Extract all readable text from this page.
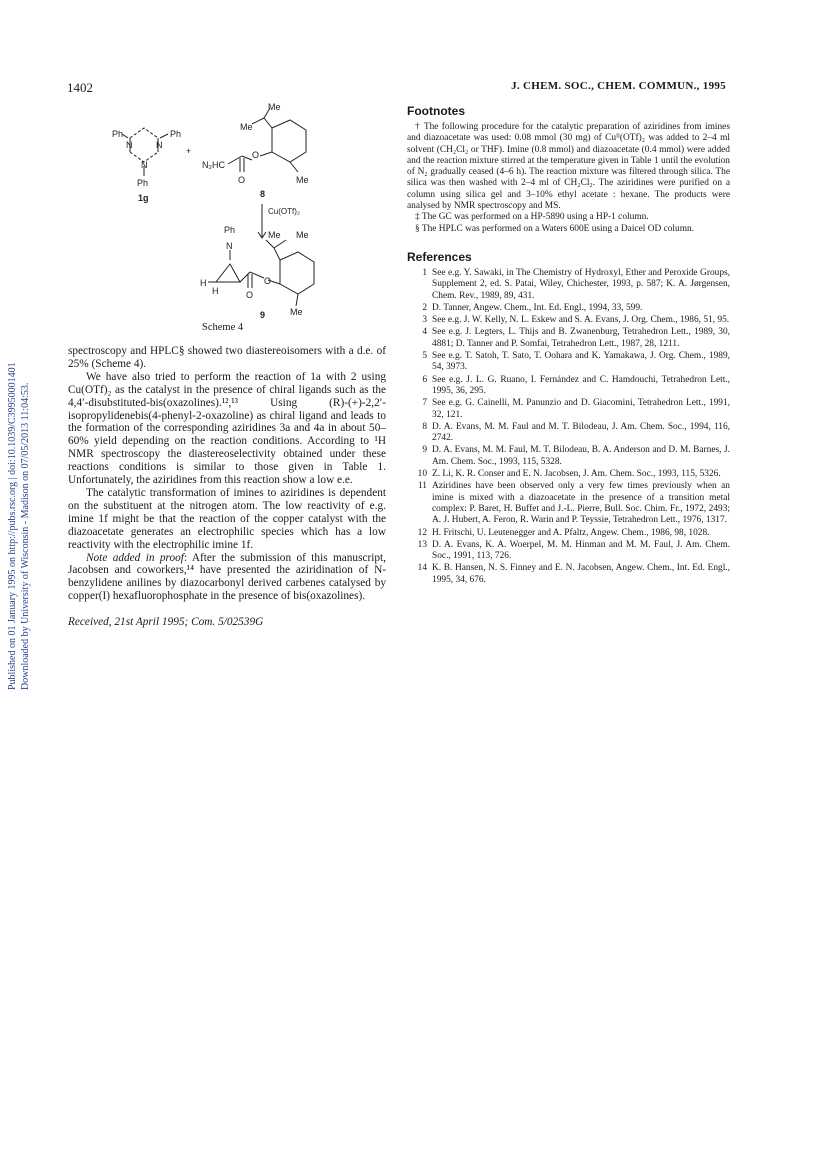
1402	J. CHEM. SOC., CHEM. COMMUN., 1995
Published on 01 January 1995 on http://pubs.rsc.org | doi:10.1039/C39950001401 Downloaded by University of Wisconsin - Madison on 07/05/2013 11:04:53.
Ph	Ph
N	N
N
Ph
1g
+
N₂HC
O
O
Me
Me
Me
8
Cu(OTf)₂
Ph
N
H
H	O
O
Me Me
Me
9
Scheme 4

spectroscopy and HPLC§ showed two diastereoisomers with a d.e. of 25% (Scheme 4).

We have also tried to perform the reaction of 1a with 2 using Cu(OTf)₂ as the catalyst in the presence of chiral ligands such as the 4,4′-disubstituted-bis(oxazolines).¹²,¹³ Using (R)-(+)-2,2′-isopropylidenebis(4-phenyl-2-oxazoline) as chiral ligand and leads to the formation of the corresponding aziridines 3a and 4a in about 50–60% yield depending on the reaction conditions. According to ¹H NMR spectroscopy the diastereoselectivity obtained under these reactions conditions is similar to those given in Table 1. Unfortunately, the aziridines from this reaction show a low e.e.

The catalytic transformation of imines to aziridines is dependent on the substituent at the nitrogen atom. The low reactivity of e.g. imine 1f might be that the reaction of the copper catalyst with the diazoacetate generates an electrophilic species which has a low reactivity with the electrophilic imine 1f.

Note added in proof: After the submission of this manuscript, Jacobsen and coworkers,¹⁴ have presented the aziridination of N-benzylidene anilines by diazocarbonyl derived carbenes catalysed by copper(I) hexafluorophosphate in the presence of bis(oxazolines).

Received, 21st April 1995; Com. 5/02539G

Footnotes

† The following procedure for the catalytic preparation of aziridines from imines and diazoacetate was used: 0.08 mmol (30 mg) of Cuᴵᴵ(OTf)₂ was added to 2–4 ml solvent (CH₂Cl₂ or THF). Imine (0.8 mmol) and diazoacetate (0.4 mmol) were added and the reaction mixture stirred at the temperature given in Table 1 until the evolution of N₂ gradually ceased (4–6 h). The reaction mixture was filtered through silica. The silica was then washed with 2–4 ml of CH₂Cl₂. The aziridines were purified on a column using silica gel and 3–10% ethyl acetate : hexane. The products were analysed by NMR spectroscopy and MS.

‡ The GC was performed on a HP-5890 using a HP-1 column.

§ The HPLC was performed on a Waters 600E using a Daicel OD column.

References
1 See e.g. Y. Sawaki, in The Chemistry of Hydroxyl, Ether and Peroxide Groups, Supplement 2, ed. S. Patai, Wiley, Chichester, 1993, p. 587; K. A. Jørgensen, Chem. Rev., 1989, 89, 431.
2 D. Tanner, Angew. Chem., Int. Ed. Engl., 1994, 33, 599.
3 See e.g. J. W. Kelly, N. L. Eskew and S. A. Evans, J. Org. Chem., 1986, 51, 95.
4 See e.g. J. Legters, L. Thijs and B. Zwanenburg, Tetrahedron Lett., 1989, 30, 4881; D. Tanner and P. Somfai, Tetrahedron Lett., 1987, 28, 1211.
5 See e.g. T. Satoh, T. Sato, T. Oohara and K. Yamakawa, J. Org. Chem., 1989, 54, 3973.
6 See e.g. J. L. G. Ruano, I. Fernández and C. Hamdouchi, Tetrahedron Lett., 1995, 36, 295.
7 See e.g. G. Cainelli, M. Panunzio and D. Giacomini, Tetrahedron Lett., 1991, 32, 121.
8 D. A. Evans, M. M. Faul and M. T. Bilodeau, J. Am. Chem. Soc., 1994, 116, 2742.
9 D. A. Evans, M. M. Faul, M. T. Bilodeau, B. A. Anderson and D. M. Barnes, J. Am. Chem. Soc., 1993, 115, 5328.
10 Z. Li, K. R. Conser and E. N. Jacobsen, J. Am. Chem. Soc., 1993, 115, 5326.
11 Aziridines have been observed only a very few times previously when an imine is mixed with a diazoacetate in the presence of a transition metal complex: P. Baret, H. Buffet and J.-L. Pierre, Bull. Soc. Chim. Fr., 1972, 2493; A. J. Hubert, A. Feron, R. Warin and P. Teyssie, Tetrahedron Lett., 1976, 1317.
12 H. Fritschi, U. Leutenegger and A. Pfaltz, Angew. Chem., 1986, 98, 1028.
13 D. A. Evans, K. A. Woerpel, M. M. Hinman and M. M. Faul, J. Am. Chem. Soc., 1991, 113, 726.
14 K. B. Hansen, N. S. Finney and E. N. Jacobsen, Angew. Chem., Int. Ed. Engl., 1995, 34, 676.
